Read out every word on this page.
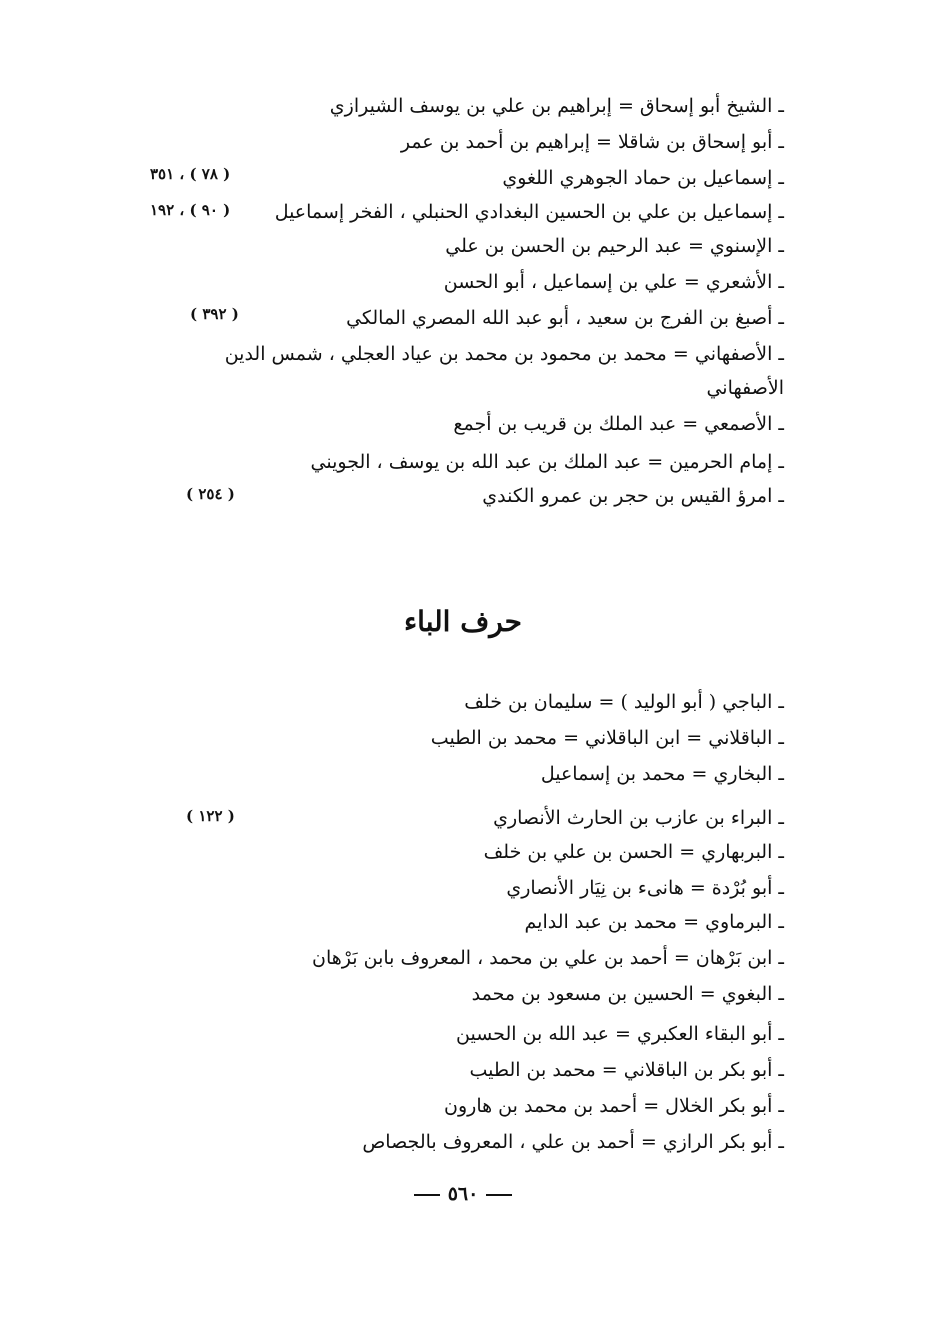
ـ الشيخ أبو إسحاق = إبراهيم بن علي بن يوسف الشيرازي
ـ أبو إسحاق بن شاقلا = إبراهيم بن أحمد بن عمر
ـ إسماعيل بن حماد الجوهري اللغوي
( ٧٨ ) ، ٣٥١
ـ إسماعيل بن علي بن الحسين البغدادي الحنبلي ، الفخر إسماعيل
( ٩٠ ) ، ١٩٢
ـ الإسنوي = عبد الرحيم بن الحسن بن علي
ـ الأشعري = علي بن إسماعيل ، أبو الحسن
ـ أصبغ بن الفرج بن سعيد ، أبو عبد الله المصري المالكي
( ٣٩٢ )
ـ الأصفهاني = محمد بن محمود بن محمد بن عياد العجلي ، شمس الدين
الأصفهاني
ـ الأصمعي = عبد الملك بن قريب بن أجمع
ـ إمام الحرمين = عبد الملك بن عبد الله بن يوسف ، الجويني
ـ امرؤ القيس بن حجر بن عمرو الكندي
( ٢٥٤ )
حرف الباء
ـ الباجي ( أبو الوليد ) = سليمان بن خلف
ـ الباقلاني = ابن الباقلاني = محمد بن الطيب
ـ البخاري = محمد بن إسماعيل
ـ البراء بن عازب بن الحارث الأنصاري
( ١٢٢ )
ـ البربهاري = الحسن بن علي بن خلف
ـ أبو بُرْدة = هانىء بن نِيَار الأنصاري
ـ البرماوي = محمد بن عبد الدايم
ـ ابن بَرْهان = أحمد بن علي بن محمد ، المعروف بابن بَرْهان
ـ البغوي = الحسين بن مسعود بن محمد
ـ أبو البقاء العكبري = عبد الله بن الحسين
ـ أبو بكر بن الباقلاني = محمد بن الطيب
ـ أبو بكر الخلال = أحمد بن محمد بن هارون
ـ أبو بكر الرازي = أحمد بن علي ، المعروف بالجصاص
٥٦٠
